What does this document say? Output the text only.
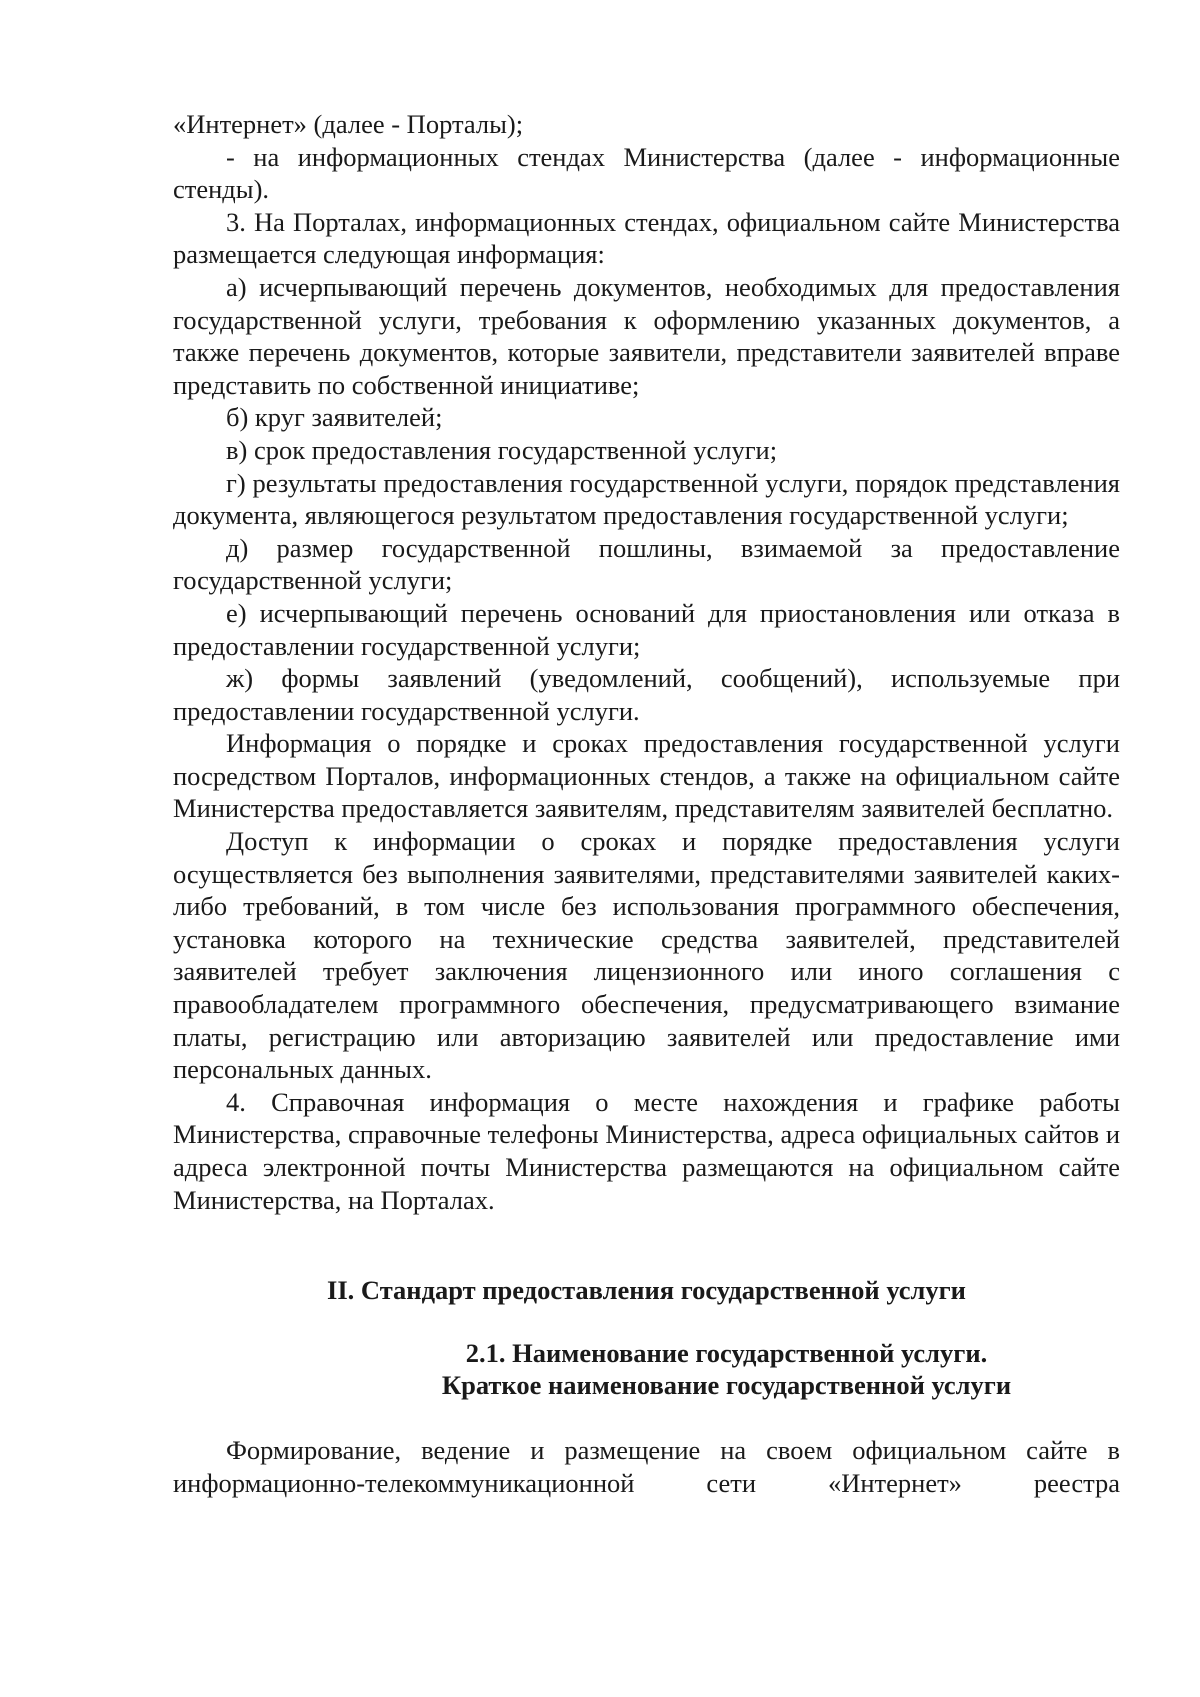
«Интернет» (далее - Порталы);

- на информационных стендах Министерства (далее - информационные стенды).

3. На Порталах, информационных стендах, официальном сайте Министерства размещается следующая информация:

а) исчерпывающий перечень документов, необходимых для предоставления государственной услуги, требования к оформлению указанных документов, а также перечень документов, которые заявители, представители заявителей вправе представить по собственной инициативе;

б) круг заявителей;

в) срок предоставления государственной услуги;

г) результаты предоставления государственной услуги, порядок представления документа, являющегося результатом предоставления государственной услуги;

д) размер государственной пошлины, взимаемой за предоставление государственной услуги;

е) исчерпывающий перечень оснований для приостановления или отказа в предоставлении государственной услуги;

ж) формы заявлений (уведомлений, сообщений), используемые при предоставлении государственной услуги.

Информация о порядке и сроках предоставления государственной услуги посредством Порталов, информационных стендов, а также на официальном сайте Министерства предоставляется заявителям, представителям заявителей бесплатно.

Доступ к информации о сроках и порядке предоставления услуги осуществляется без выполнения заявителями, представителями заявителей каких-либо требований, в том числе без использования программного обеспечения, установка которого на технические средства заявителей, представителей заявителей требует заключения лицензионного или иного соглашения с правообладателем программного обеспечения, предусматривающего взимание платы, регистрацию или авторизацию заявителей или предоставление ими персональных данных.

4. Справочная информация о месте нахождения и графике работы Министерства, справочные телефоны Министерства, адреса официальных сайтов и адреса электронной почты Министерства размещаются на официальном сайте Министерства, на Порталах.

II. Стандарт предоставления государственной услуги

2.1. Наименование государственной услуги.

Краткое наименование государственной услуги

Формирование, ведение и размещение на своем официальном сайте в информационно-телекоммуникационной сети «Интернет» реестра
